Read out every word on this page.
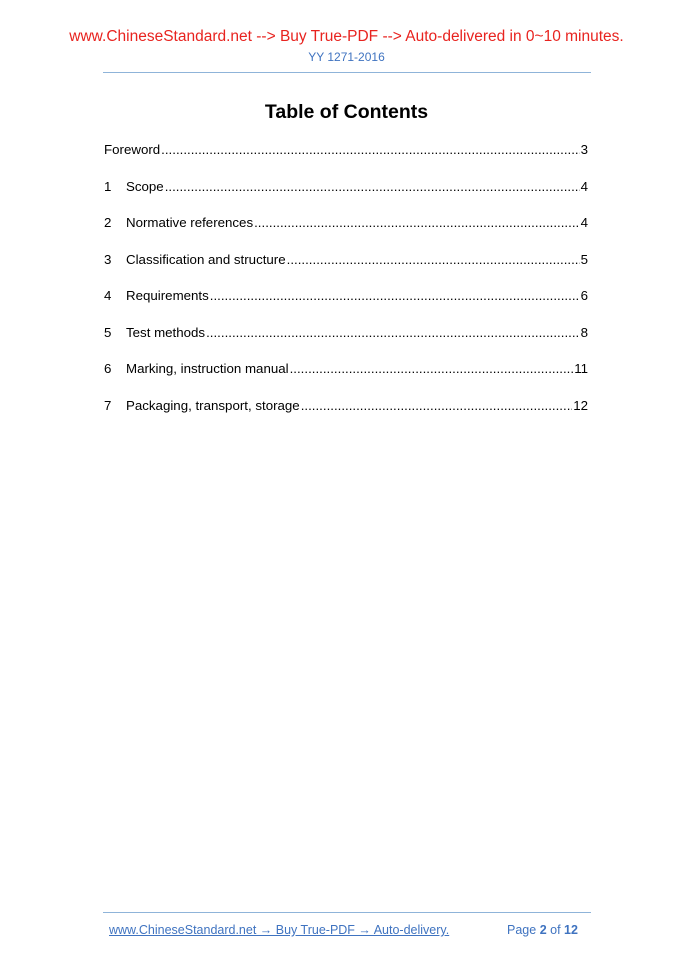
www.ChineseStandard.net --> Buy True-PDF --> Auto-delivered in 0~10 minutes.
YY 1271-2016
Table of Contents
Foreword .....	3
1	Scope .....	4
2	Normative references .....	4
3	Classification and structure .....	5
4	Requirements .....	6
5	Test methods .....	8
6	Marking, instruction manual .....	11
7	Packaging, transport, storage .....	12
www.ChineseStandard.net → Buy True-PDF → Auto-delivery.	Page 2 of 12
